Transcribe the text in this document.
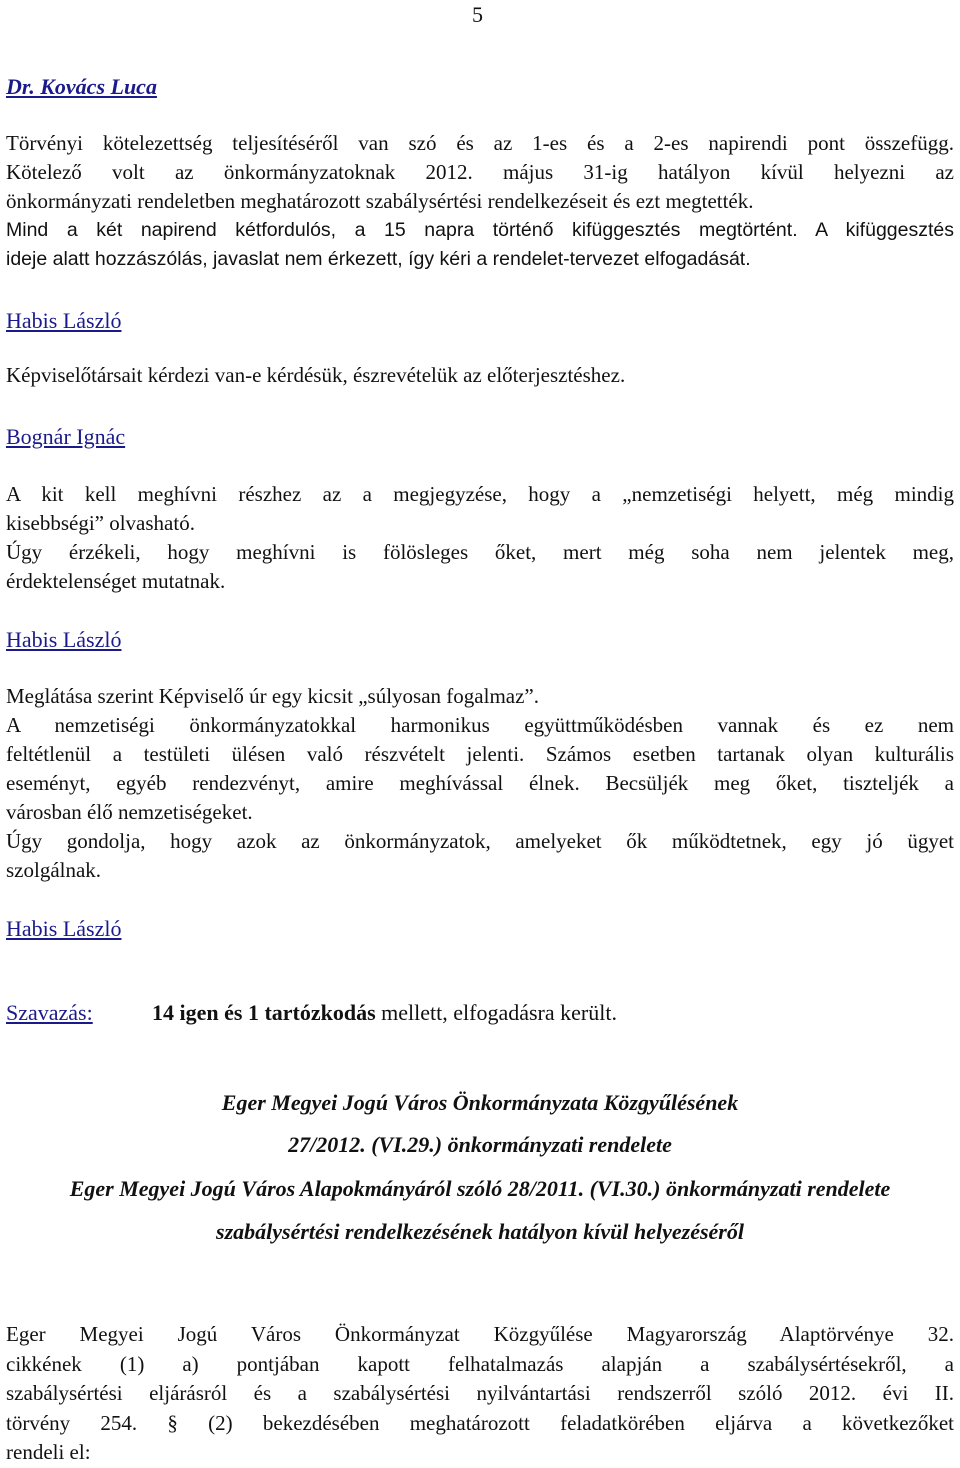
5
Dr. Kovács Luca
Törvényi kötelezettség teljesítéséről van szó és az 1-es és a 2-es napirendi pont összefügg.
Kötelező volt az önkormányzatoknak 2012. május 31-ig hatályon kívül helyezni az
önkormányzati rendeletben meghatározott szabálysértési rendelkezéseit és ezt megtették.
Mind a két napirend kétfordulós, a 15 napra történő kifüggesztés megtörtént. A kifüggesztés
ideje alatt hozzászólás, javaslat nem érkezett, így kéri a rendelet-tervezet elfogadását.
Habis László
Képviselőtársait kérdezi van-e kérdésük, észrevételük az előterjesztéshez.
Bognár Ignác
A kit kell meghívni részhez az a megjegyzése, hogy a „nemzetiségi helyett, még mindig
kisebbségi” olvasható.
Úgy érzékeli, hogy meghívni is fölösleges őket, mert még soha nem jelentek meg,
érdektelenséget mutatnak.
Habis László
Meglátása szerint Képviselő úr egy kicsit „súlyosan fogalmaz”.
A nemzetiségi önkormányzatokkal harmonikus együttműködésben vannak és ez nem
feltétlenül a testületi ülésen való részvételt jelenti. Számos esetben tartanak olyan kulturális
eseményt, egyéb rendezvényt, amire meghívással élnek. Becsüljék meg őket, tiszteljék a
városban élő nemzetiségeket.
Úgy gondolja, hogy azok az önkormányzatok, amelyeket ők működtetnek, egy jó ügyet
szolgálnak.
Habis László
Szavazás:	14 igen és 1 tartózkodás mellett, elfogadásra került.
Eger Megyei Jogú Város Önkormányzata Közgyűlésének
27/2012. (VI.29.) önkormányzati rendelete
Eger Megyei Jogú Város Alapokmányáról szóló 28/2011. (VI.30.) önkormányzati rendelete
szabálysértési rendelkezésének hatályon kívül helyezéséről
Eger Megyei Jogú Város Önkormányzat Közgyűlése Magyarország Alaptörvénye 32.
cikkének (1) a) pontjában kapott felhatalmazás alapján a szabálysértésekről, a
szabálysértési eljárásról és a szabálysértési nyilvántartási rendszerről szóló 2012. évi II.
törvény 254. § (2) bekezdésében meghatározott feladatkörében eljárva a következőket
rendeli el:
